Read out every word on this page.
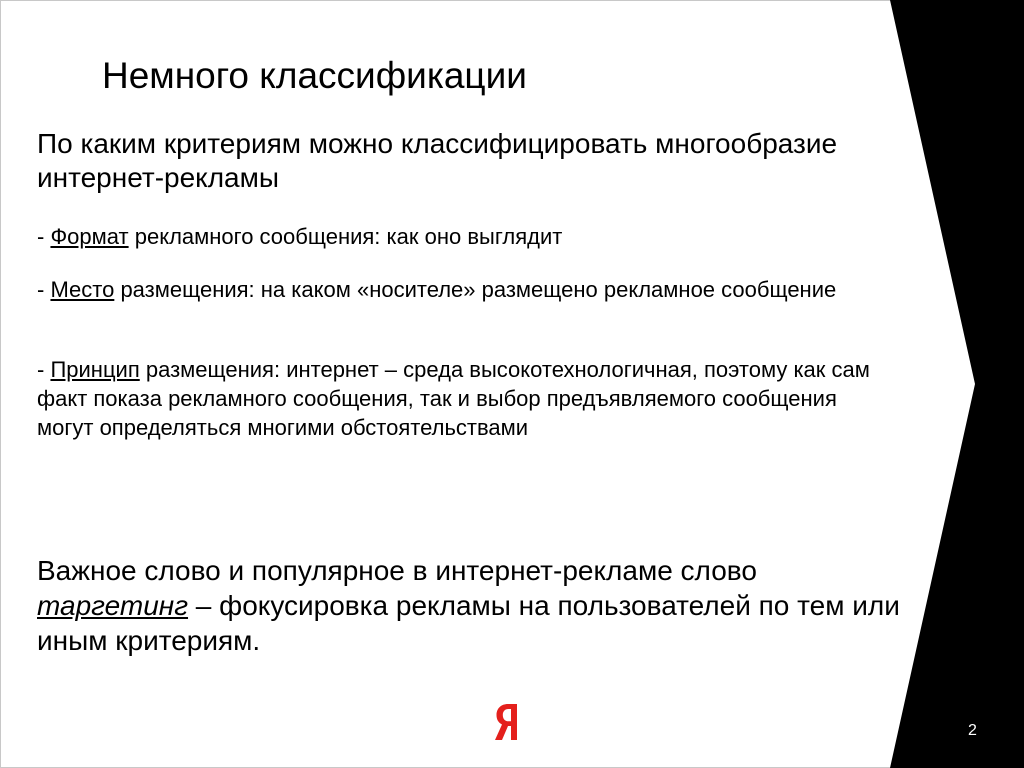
Немного классификации
По каким критериям можно классифицировать многообразие интернет-рекламы
- Формат рекламного сообщения: как оно выглядит
- Место размещения: на каком «носителе» размещено рекламное сообщение
- Принцип размещения: интернет – среда высокотехнологичная, поэтому как сам факт показа рекламного сообщения, так и выбор предъявляемого сообщения могут определяться многими обстоятельствами
Важное слово и популярное в интернет-рекламе слово таргетинг – фокусировка рекламы на пользователей по тем или иным критериям.
2
